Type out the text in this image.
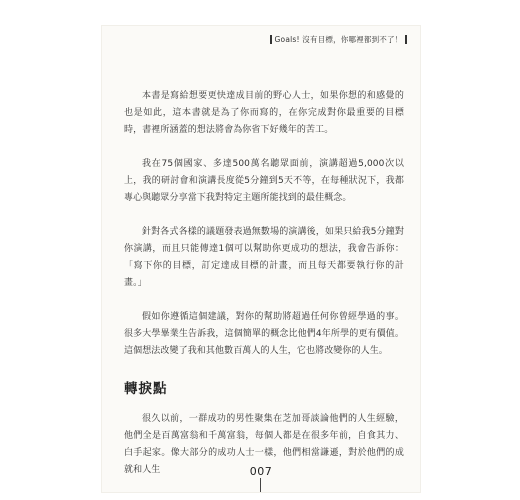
Goals! 沒有目標，你哪裡都到不了！

本書是寫給想要更快達成目前的野心人士，如果你想的和感覺的也是如此，這本書就是為了你而寫的，在你完成對你最重要的目標時，書裡所涵蓋的想法將會為你省下好幾年的苦工。

我在75個國家、多達500萬名聽眾面前，演講超過5,000次以上，我的研討會和演講長度從5分鐘到5天不等，在每種狀況下，我都專心與聽眾分享當下我對特定主題所能找到的最佳概念。

針對各式各樣的議題發表過無數場的演講後，如果只給我5分鐘對你演講，而且只能傳達1個可以幫助你更成功的想法，我會告訴你：「寫下你的目標，訂定達成目標的計畫，而且每天都要執行你的計畫。」

假如你遵循這個建議，對你的幫助將超過任何你曾經學過的事。很多大學畢業生告訴我，這個簡單的概念比他們4年所學的更有價值。這個想法改變了我和其他數百萬人的人生，它也將改變你的人生。

轉捩點

很久以前，一群成功的男性聚集在芝加哥談論他們的人生經驗，他們全是百萬富翁和千萬富翁，每個人都是在很多年前，自食其力、白手起家。像大部分的成功人士一樣，他們相當謙遜，對於他們的成就和人生	007
